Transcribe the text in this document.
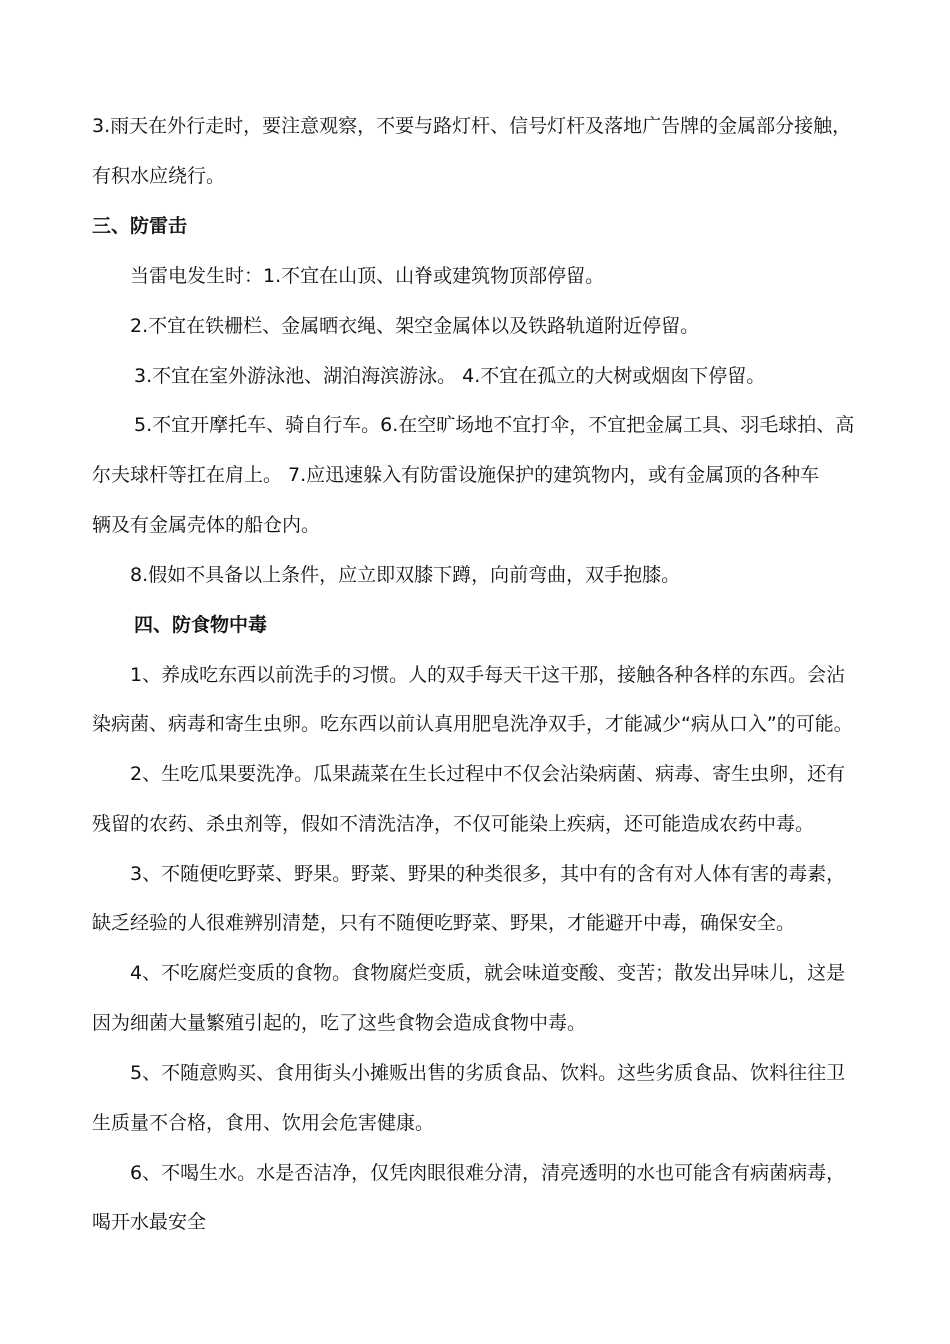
3.雨天在外行走时，要注意观察，不要与路灯杆、信号灯杆及落地广告牌的金属部分接触，
有积水应绕行。
三、防雷击
当雷电发生时：1.不宜在山顶、山脊或建筑物顶部停留。
2.不宜在铁栅栏、金属晒衣绳、架空金属体以及铁路轨道附近停留。
3.不宜在室外游泳池、湖泊海滨游泳。 4.不宜在孤立的大树或烟囱下停留。
5.不宜开摩托车、骑自行车。6.在空旷场地不宜打伞，不宜把金属工具、羽毛球拍、高
尔夫球杆等扛在肩上。 7.应迅速躲入有防雷设施保护的建筑物内，或有金属顶的各种车
辆及有金属壳体的船仓内。
8.假如不具备以上条件，应立即双膝下蹲，向前弯曲，双手抱膝。
四、防食物中毒
1、养成吃东西以前洗手的习惯。人的双手每天干这干那，接触各种各样的东西。会沾
染病菌、病毒和寄生虫卵。吃东西以前认真用肥皂洗净双手，才能减少“病从口入”的可能。
2、生吃瓜果要洗净。瓜果蔬菜在生长过程中不仅会沾染病菌、病毒、寄生虫卵，还有
残留的农药、杀虫剂等，假如不清洗洁净，不仅可能染上疾病，还可能造成农药中毒。
3、不随便吃野菜、野果。野菜、野果的种类很多，其中有的含有对人体有害的毒素，
缺乏经验的人很难辨别清楚，只有不随便吃野菜、野果，才能避开中毒，确保安全。
4、不吃腐烂变质的食物。食物腐烂变质，就会味道变酸、变苦；散发出异味儿，这是
因为细菌大量繁殖引起的，吃了这些食物会造成食物中毒。
5、不随意购买、食用街头小摊贩出售的劣质食品、饮料。这些劣质食品、饮料往往卫
生质量不合格，食用、饮用会危害健康。
6、不喝生水。水是否洁净，仅凭肉眼很难分清，清亮透明的水也可能含有病菌病毒，
喝开水最安全
